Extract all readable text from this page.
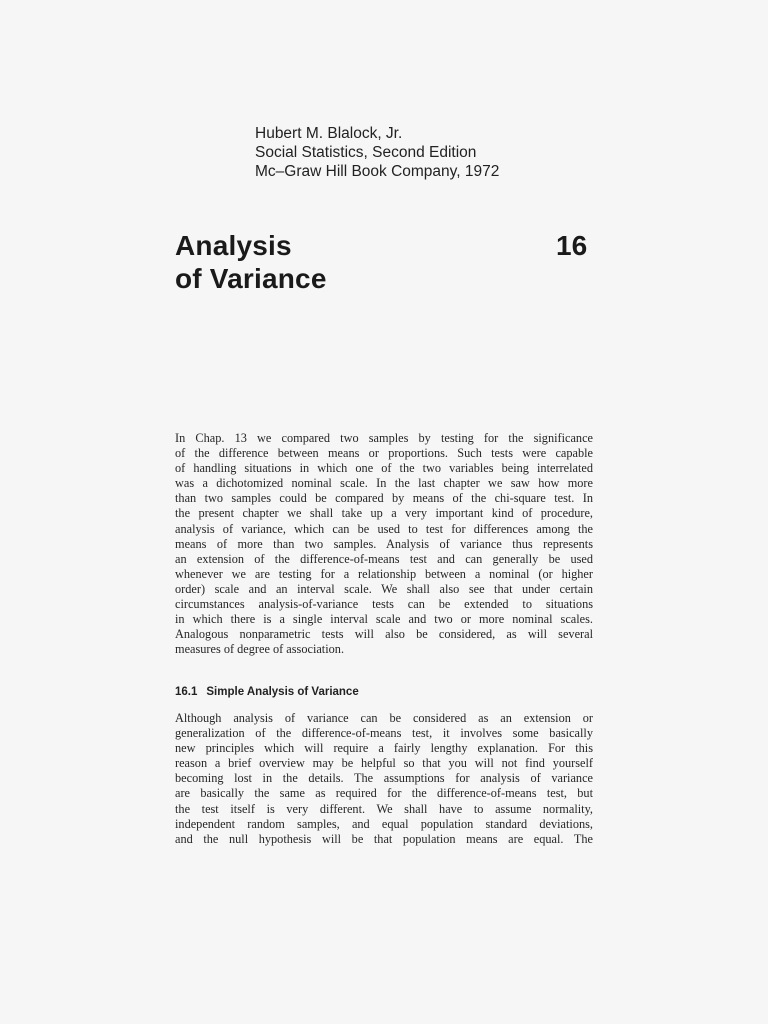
Hubert M. Blalock, Jr.
Social Statistics, Second Edition
Mc–Graw Hill Book Company, 1972
Analysis
of Variance
16
In Chap. 13 we compared two samples by testing for the significance
of the difference between means or proportions. Such tests were capable
of handling situations in which one of the two variables being interrelated
was a dichotomized nominal scale. In the last chapter we saw how more
than two samples could be compared by means of the chi-square test. In
the present chapter we shall take up a very important kind of procedure,
analysis of variance, which can be used to test for differences among the
means of more than two samples. Analysis of variance thus represents
an extension of the difference-of-means test and can generally be used
whenever we are testing for a relationship between a nominal (or higher
order) scale and an interval scale. We shall also see that under certain
circumstances analysis-of-variance tests can be extended to situations
in which there is a single interval scale and two or more nominal scales.
Analogous nonparametric tests will also be considered, as will several
measures of degree of association.
16.1 Simple Analysis of Variance
Although analysis of variance can be considered as an extension or
generalization of the difference-of-means test, it involves some basically
new principles which will require a fairly lengthy explanation. For this
reason a brief overview may be helpful so that you will not find yourself
becoming lost in the details. The assumptions for analysis of variance
are basically the same as required for the difference-of-means test, but
the test itself is very different. We shall have to assume normality,
independent random samples, and equal population standard deviations,
and the null hypothesis will be that population means are equal. The
